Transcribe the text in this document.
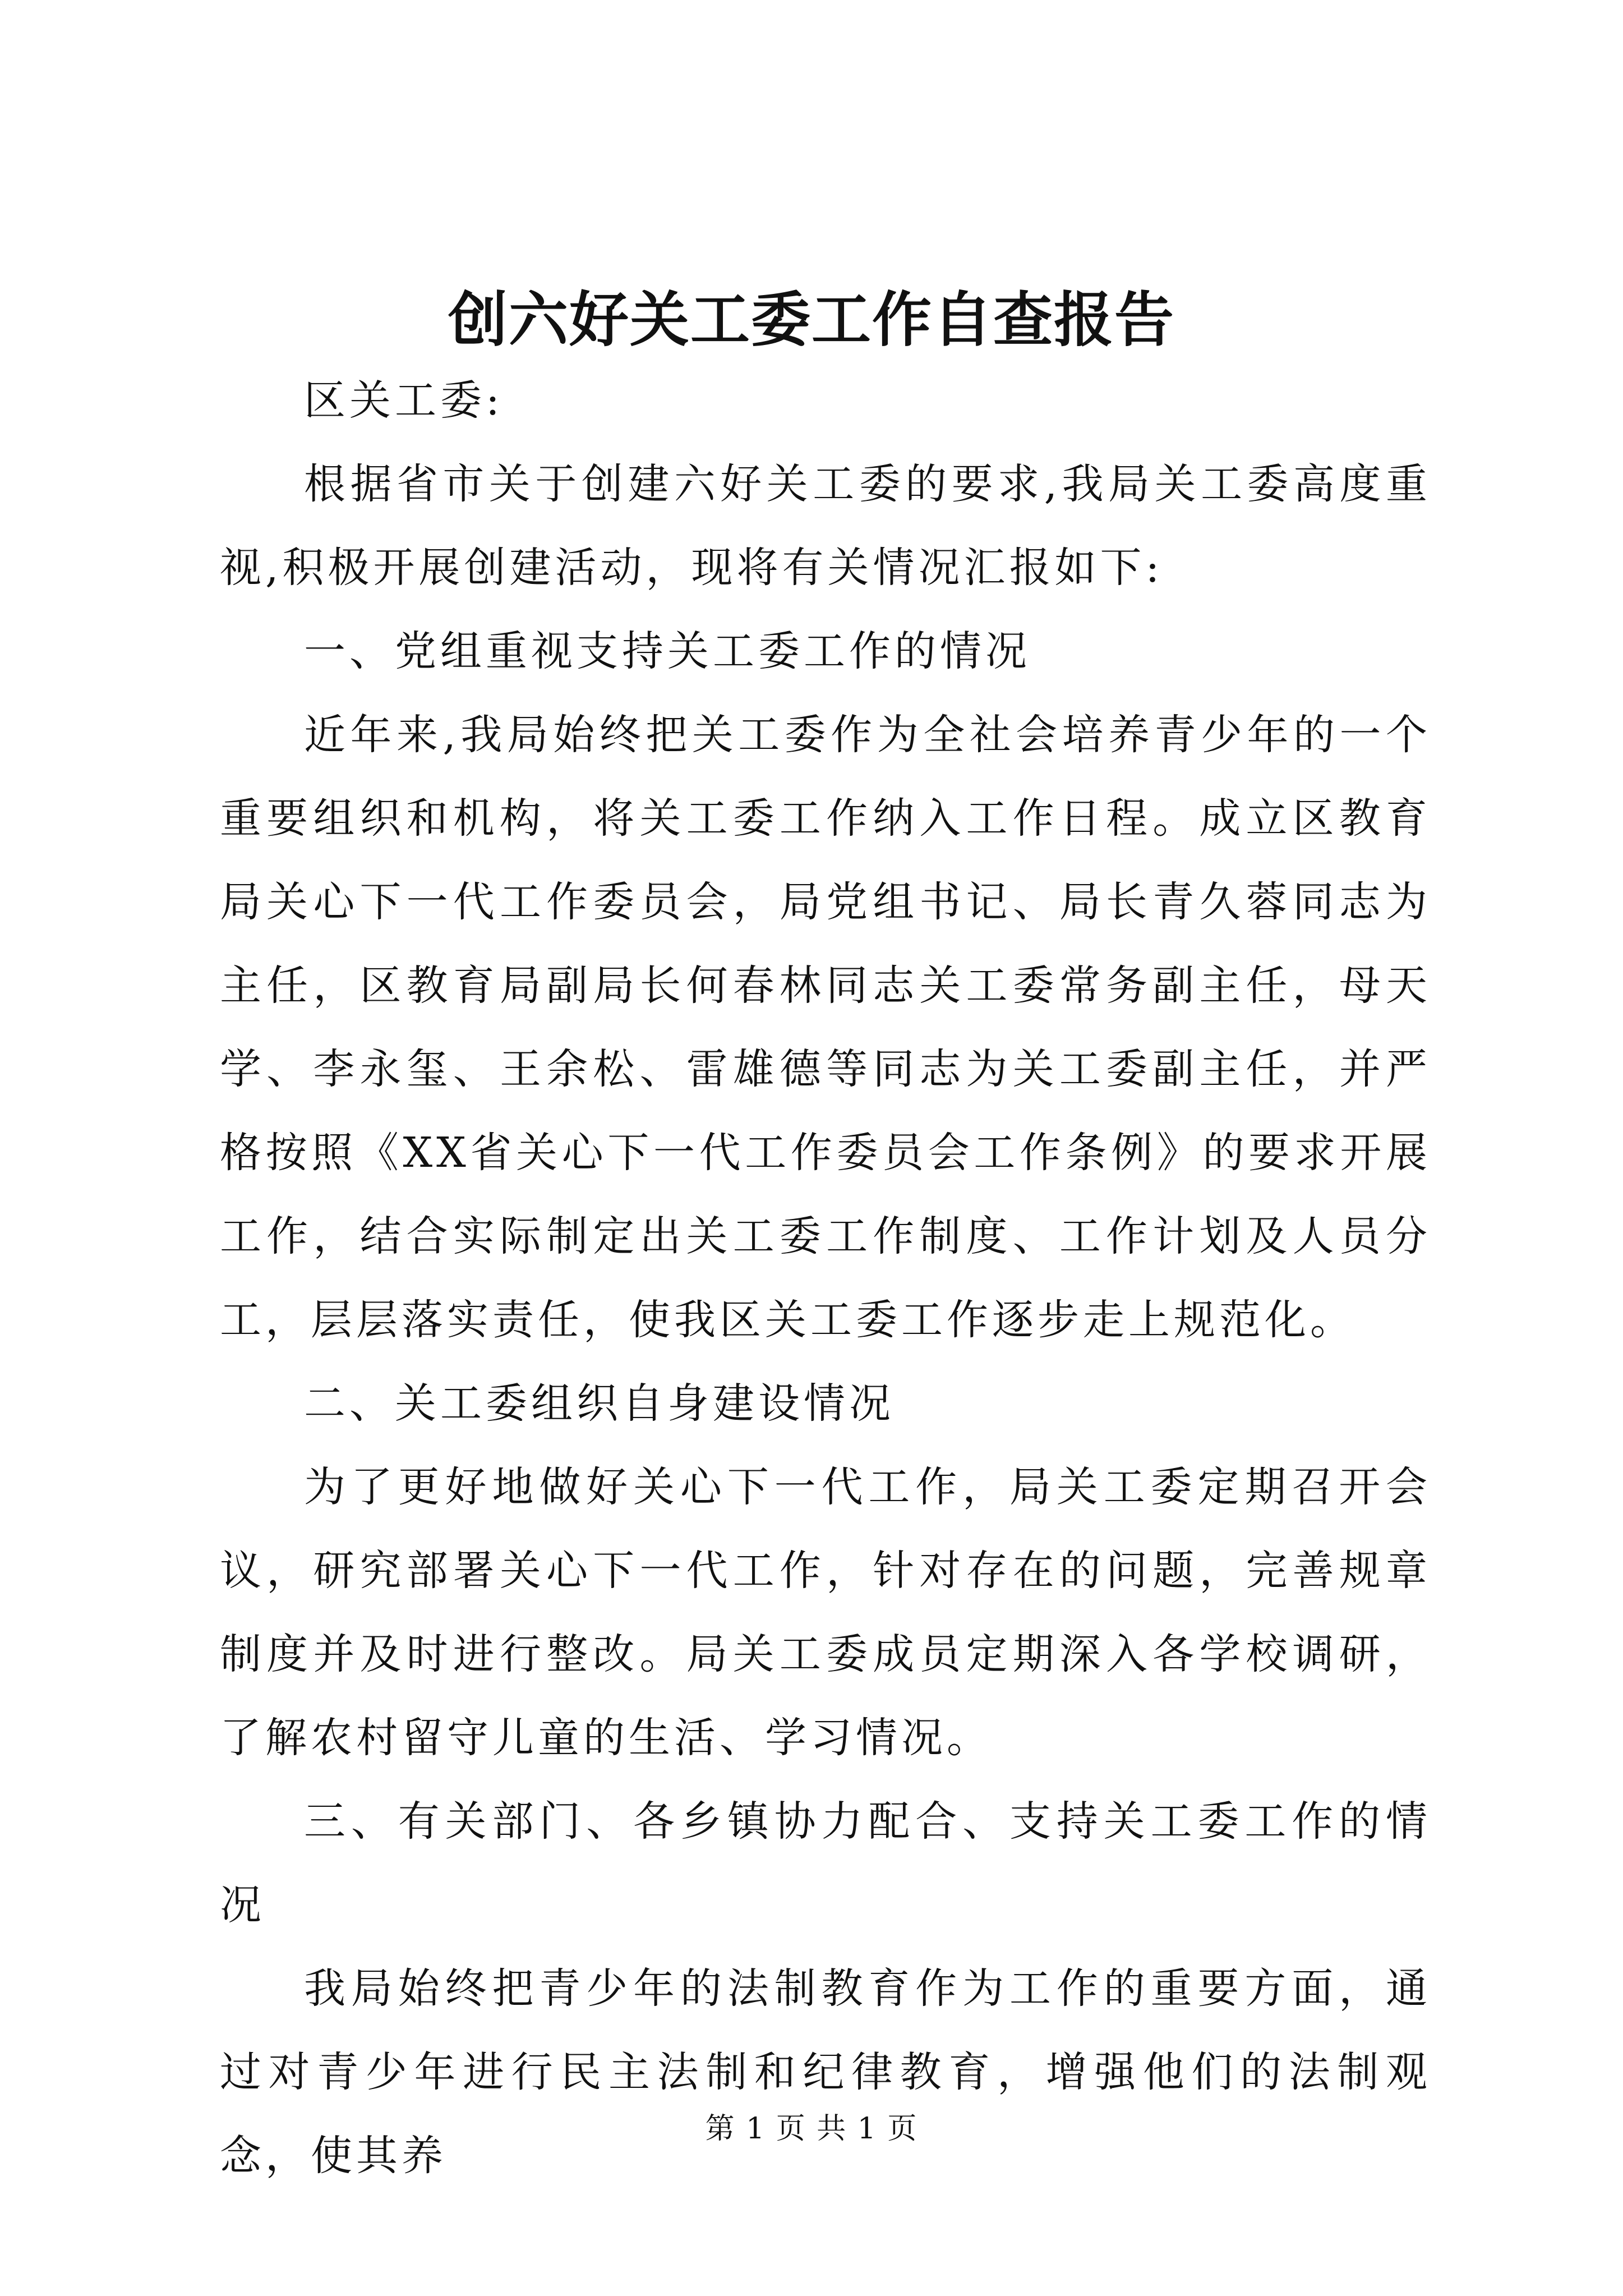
创六好关工委工作自查报告

区关工委:

根据省市关于创建六好关工委的要求,我局关工委高度重视,积极开展创建活动，现将有关情况汇报如下:

一、党组重视支持关工委工作的情况

近年来,我局始终把关工委作为全社会培养青少年的一个重要组织和机构，将关工委工作纳入工作日程。成立区教育局关心下一代工作委员会，局党组书记、局长青久蓉同志为主任，区教育局副局长何春林同志关工委常务副主任，母天学、李永玺、王余松、雷雄德等同志为关工委副主任，并严格按照《XX省关心下一代工作委员会工作条例》的要求开展工作，结合实际制定出关工委工作制度、工作计划及人员分工，层层落实责任，使我区关工委工作逐步走上规范化。

二、关工委组织自身建设情况

为了更好地做好关心下一代工作，局关工委定期召开会议，研究部署关心下一代工作，针对存在的问题，完善规章制度并及时进行整改。局关工委成员定期深入各学校调研，了解农村留守儿童的生活、学习情况。

三、有关部门、各乡镇协力配合、支持关工委工作的情况

我局始终把青少年的法制教育作为工作的重要方面，通过对青少年进行民主法制和纪律教育，增强他们的法制观念，使其养

第 1 页 共 1 页
